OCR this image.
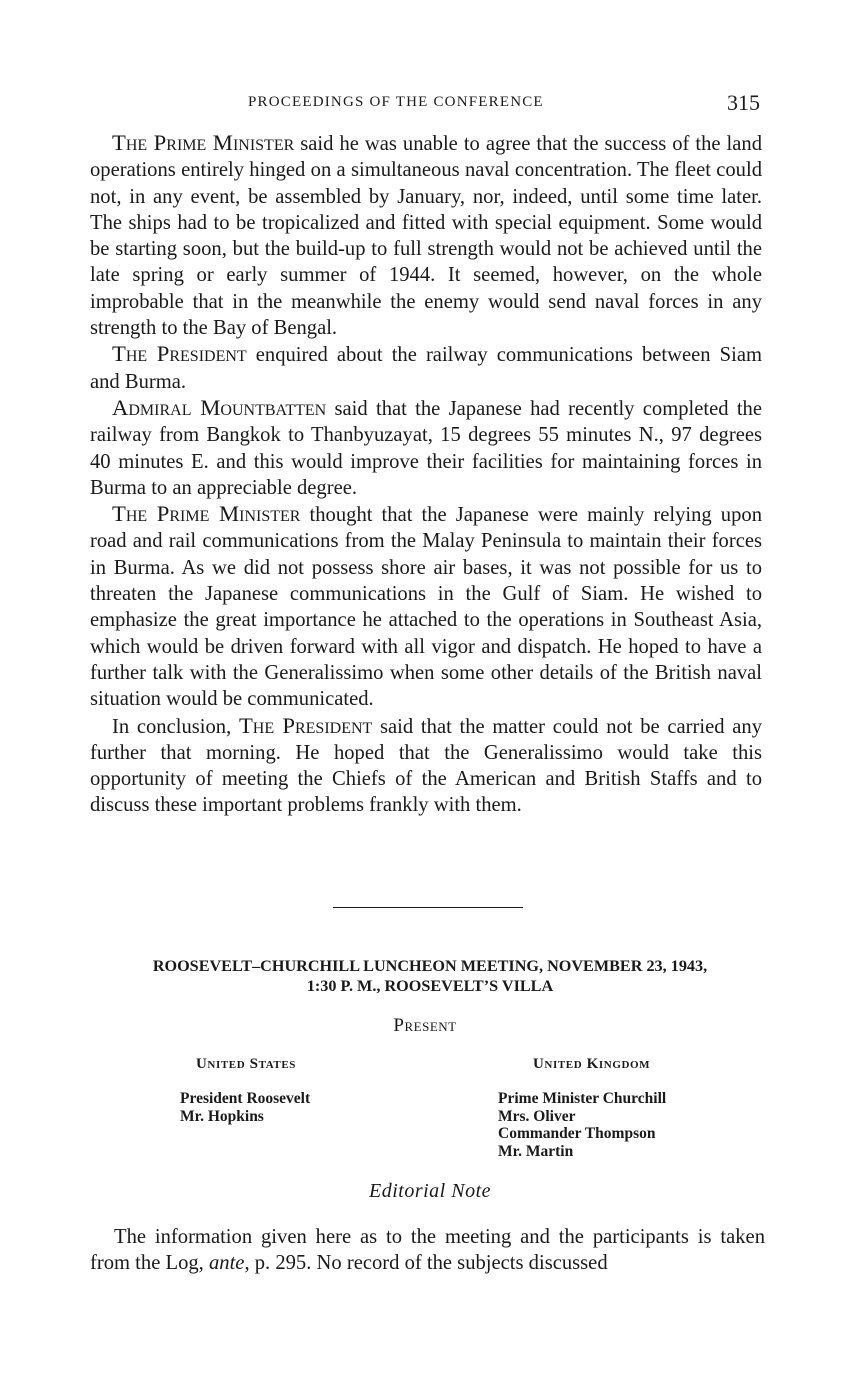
PROCEEDINGS OF THE CONFERENCE	315

The Prime Minister said he was unable to agree that the success of the land operations entirely hinged on a simultaneous naval concentration. The fleet could not, in any event, be assembled by January, nor, indeed, until some time later. The ships had to be tropicalized and fitted with special equipment. Some would be starting soon, but the build-up to full strength would not be achieved until the late spring or early summer of 1944. It seemed, however, on the whole improbable that in the meanwhile the enemy would send naval forces in any strength to the Bay of Bengal.

The President enquired about the railway communications between Siam and Burma.

Admiral Mountbatten said that the Japanese had recently completed the railway from Bangkok to Thanbyuzayat, 15 degrees 55 minutes N., 97 degrees 40 minutes E. and this would improve their facilities for maintaining forces in Burma to an appreciable degree.

The Prime Minister thought that the Japanese were mainly relying upon road and rail communications from the Malay Peninsula to maintain their forces in Burma. As we did not possess shore air bases, it was not possible for us to threaten the Japanese communications in the Gulf of Siam. He wished to emphasize the great importance he attached to the operations in Southeast Asia, which would be driven forward with all vigor and dispatch. He hoped to have a further talk with the Generalissimo when some other details of the British naval situation would be communicated.

In conclusion, The President said that the matter could not be carried any further that morning. He hoped that the Generalissimo would take this opportunity of meeting the Chiefs of the American and British Staffs and to discuss these important problems frankly with them.

ROOSEVELT–CHURCHILL LUNCHEON MEETING, NOVEMBER 23, 1943,
1:30 P. M., ROOSEVELT’S VILLA
Present
United States	United Kingdom
President Roosevelt
Mr. Hopkins
Prime Minister Churchill
Mrs. Oliver
Commander Thompson
Mr. Martin
Editorial Note

The information given here as to the meeting and the participants is taken from the Log, ante, p. 295. No record of the subjects discussed
